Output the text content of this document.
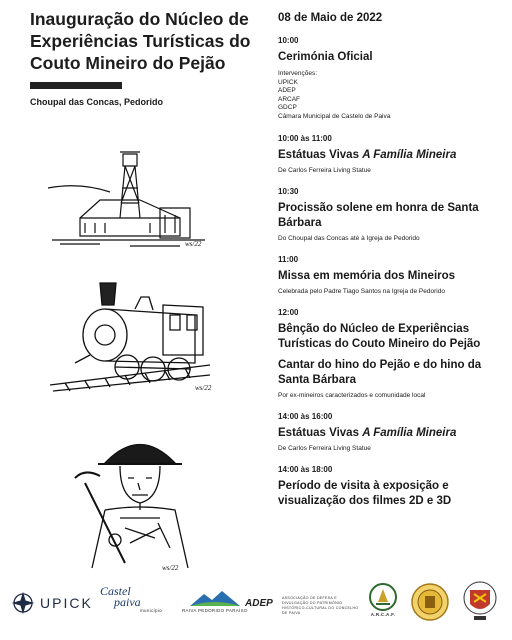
Inauguração do Núcleo de Experiências Turísticas do Couto Mineiro do Pejão
Choupal das Concas, Pedorido
ws/22
ws/22
ws/22
08 de Maio de 2022
10:00
Cerimónia Oficial
Intervenções:
UPICK
ADEP
ARCAF
GDCP
Câmara Municipal de Castelo de Paiva
10:00 às 11:00
Estátuas Vivas A Família Mineira
De Carlos Ferreira Living Statue
10:30
Procissão solene em honra de Santa Bárbara
Do Choupal das Concas até à Igreja de Pedorido
11:00
Missa em memória dos Mineiros
Celebrada pelo Padre Tiago Santos na Igreja de Pedorido
12:00
Bênção do Núcleo de Experiências Turísticas do Couto Mineiro do Pejão
Cantar do hino do Pejão e do hino da Santa Bárbara
Por ex-mineiros caracterizados e comunidade local
14:00 às 16:00
Estátuas Vivas A Família Mineira
De Carlos Ferreira Living Statue
14:00 às 18:00
Período de visita à exposição e visualização dos filmes 2D e 3D
UPICK
Castel
paiva
município	RAIVA PEDORIDO PARAÍSO
ADEP	ASSOCIAÇÃO DE DEFESA E DIVULGAÇÃO DO PATRIMÓNIO HISTÓRICO-CULTURAL DO CONCELHO DE PAIVA	A.R.C.A.F.
